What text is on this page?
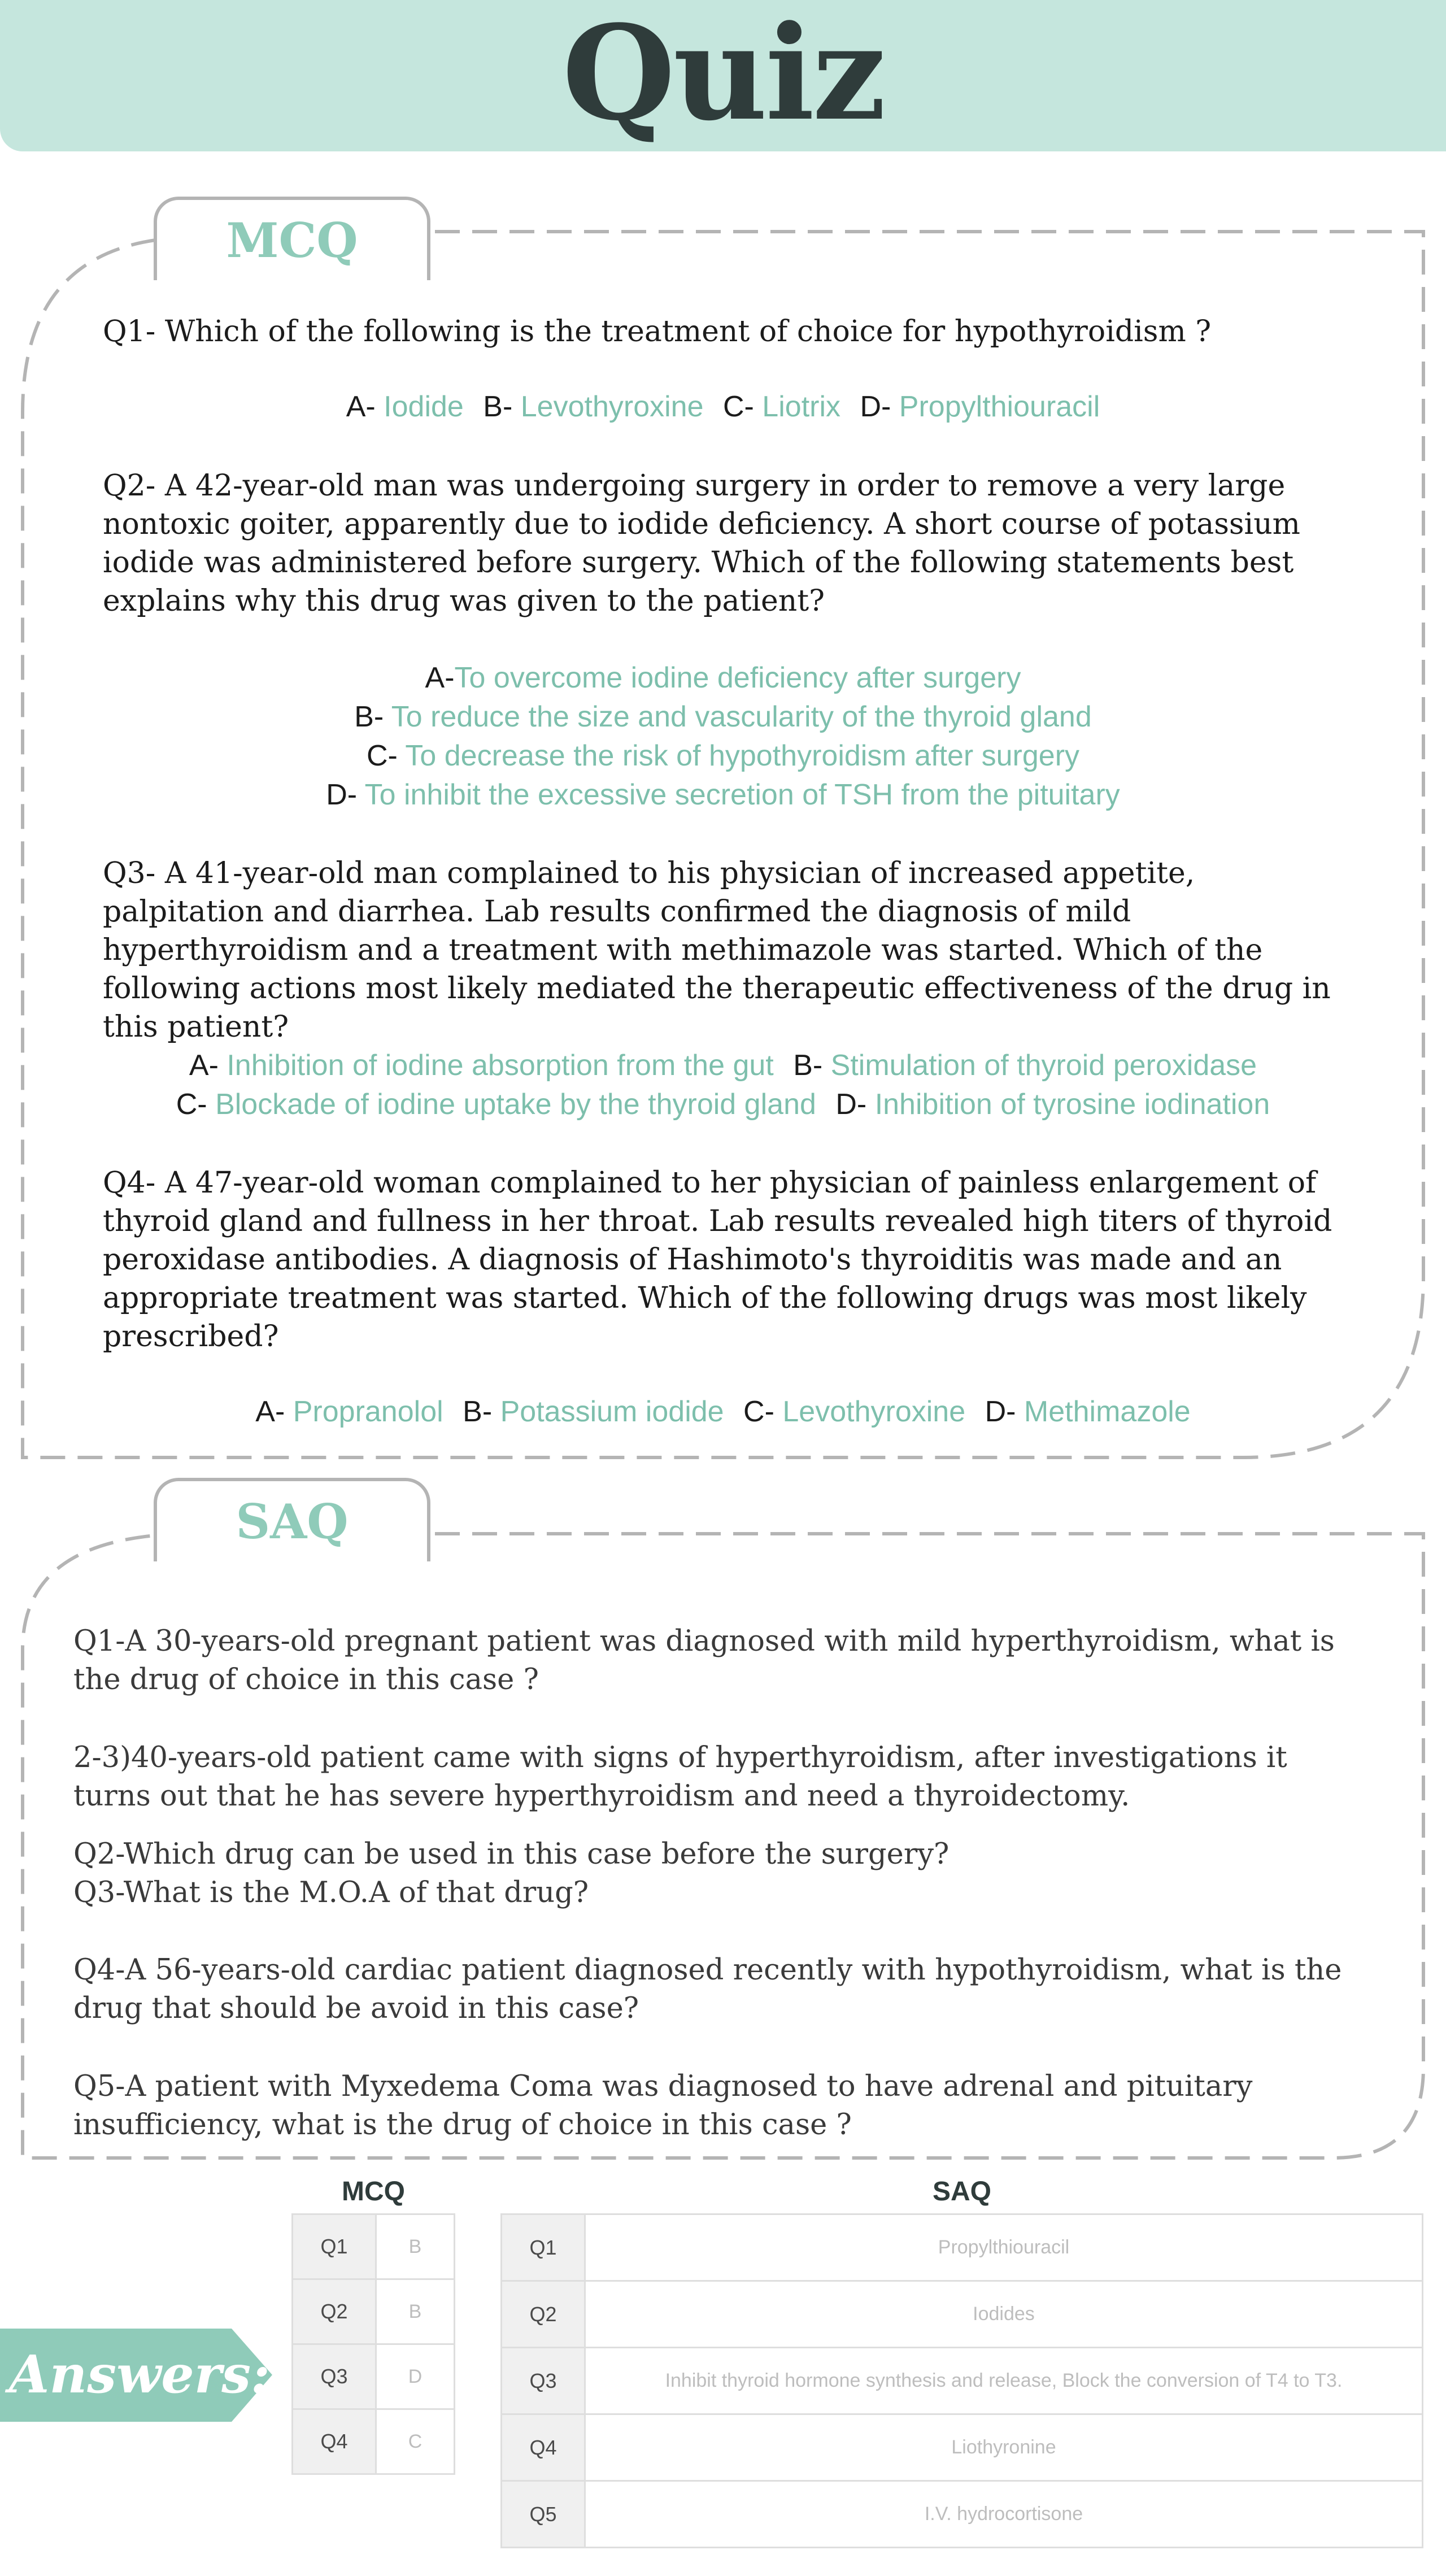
Quiz
MCQ
Q1- Which of the following is the treatment of choice for hypothyroidism ?
A- Iodide B- Levothyroxine C- Liotrix D- Propylthiouracil
Q2- A 42-year-old man was undergoing surgery in order to remove a very large nontoxic goiter, apparently due to iodide deficiency. A short course of potassium iodide was administered before surgery. Which of the following statements best explains why this drug was given to the patient?
A-To overcome iodine deficiency after surgery
B- To reduce the size and vascularity of the thyroid gland
C- To decrease the risk of hypothyroidism after surgery
D- To inhibit the excessive secretion of TSH from the pituitary
Q3- A 41-year-old man complained to his physician of increased appetite, palpitation and diarrhea. Lab results confirmed the diagnosis of mild hyperthyroidism and a treatment with methimazole was started. Which of the following actions most likely mediated the therapeutic effectiveness of the drug in this patient?
A- Inhibition of iodine absorption from the gut B- Stimulation of thyroid peroxidase
C- Blockade of iodine uptake by the thyroid gland D- Inhibition of tyrosine iodination
Q4- A 47-year-old woman complained to her physician of painless enlargement of thyroid gland and fullness in her throat. Lab results revealed high titers of thyroid peroxidase antibodies. A diagnosis of Hashimoto's thyroiditis was made and an appropriate treatment was started. Which of the following drugs was most likely prescribed?
A- Propranolol B- Potassium iodide C- Levothyroxine D- Methimazole
SAQ
Q1-A 30-years-old pregnant patient was diagnosed with mild hyperthyroidism, what is the drug of choice in this case ?
2-3)40-years-old patient came with signs of hyperthyroidism, after investigations it turns out that he has severe hyperthyroidism and need a thyroidectomy.
Q2-Which drug can be used in this case before the surgery?
Q3-What is the M.O.A of that drug?
Q4-A 56-years-old cardiac patient diagnosed recently with hypothyroidism, what is the drug that should be avoid in this case?
Q5-A patient with Myxedema Coma was diagnosed to have adrenal and pituitary insufficiency, what is the drug of choice in this case ?
MCQ	SAQ
Q1	B
Q2	B
Q3	D
Q4	C
Q1	Propylthiouracil
Q2	Iodides
Q3	Inhibit thyroid hormone synthesis and release, Block the conversion of T4 to T3.
Q4	Liothyronine
Q5	I.V. hydrocortisone
Answers:
